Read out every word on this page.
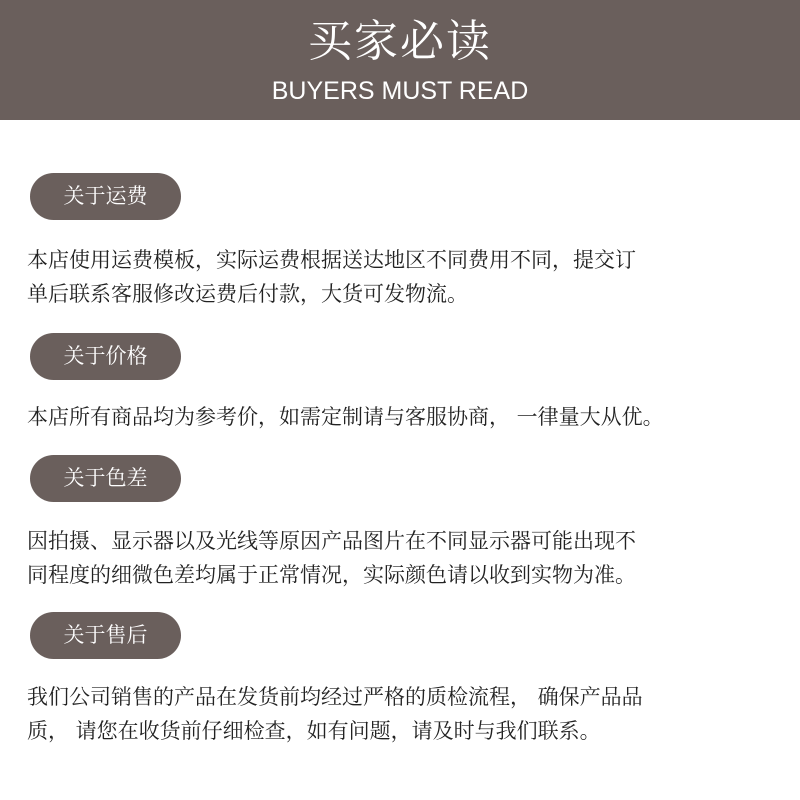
买家必读
BUYERS MUST READ
关于运费
本店使用运费模板，实际运费根据送达地区不同费用不同，提交订
单后联系客服修改运费后付款，大货可发物流。
关于价格
本店所有商品均为参考价，如需定制请与客服协商， 一律量大从优。
关于色差
因拍摄、显示器以及光线等原因产品图片在不同显示器可能出现不
同程度的细微色差均属于正常情况，实际颜色请以收到实物为准。
关于售后
我们公司销售的产品在发货前均经过严格的质检流程， 确保产品品
质， 请您在收货前仔细检查，如有问题，请及时与我们联系。
